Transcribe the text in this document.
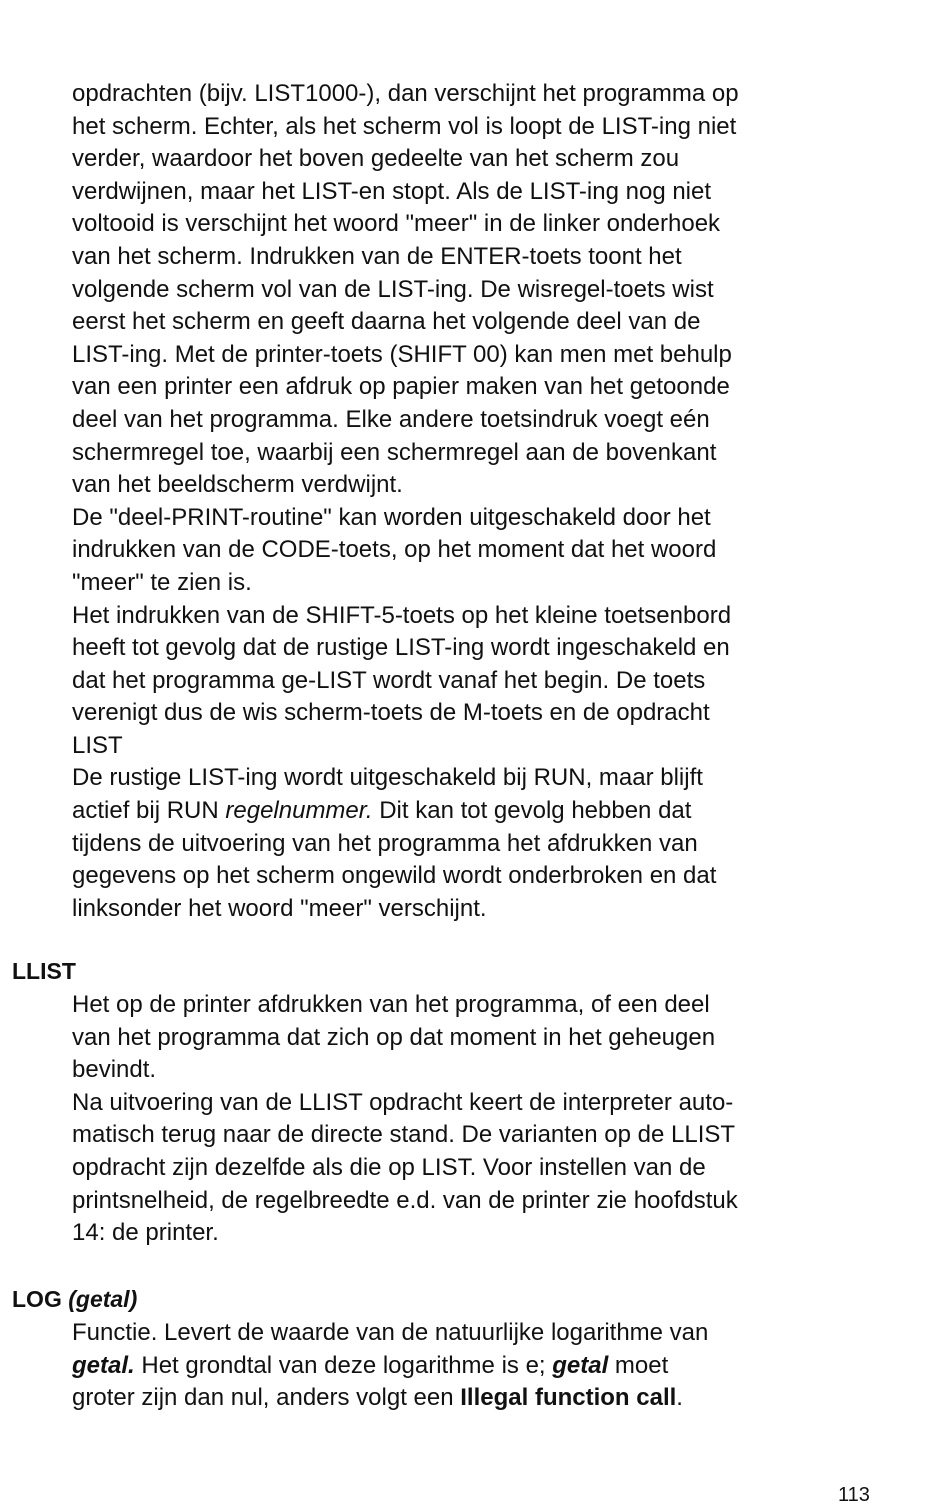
opdrachten (bijv. LIST1000-), dan verschijnt het programma op
het scherm. Echter, als het scherm vol is loopt de LIST-ing niet
verder, waardoor het boven gedeelte van het scherm zou
verdwijnen, maar het LIST-en stopt. Als de LIST-ing nog niet
voltooid is verschijnt het woord "meer" in de linker onderhoek
van het scherm. Indrukken van de ENTER-toets toont het
volgende scherm vol van de LIST-ing. De wisregel-toets wist
eerst het scherm en geeft daarna het volgende deel van de
LIST-ing. Met de printer-toets (SHIFT 00) kan men met behulp
van een printer een afdruk op papier maken van het getoonde
deel van het programma. Elke andere toetsindruk voegt eén
schermregel toe, waarbij een schermregel aan de bovenkant
van het beeldscherm verdwijnt.
De "deel-PRINT-routine" kan worden uitgeschakeld door het
indrukken van de CODE-toets, op het moment dat het woord
"meer" te zien is.
Het indrukken van de SHIFT-5-toets op het kleine toetsenbord
heeft tot gevolg dat de rustige LIST-ing wordt ingeschakeld en
dat het programma ge-LIST wordt vanaf het begin. De toets
verenigt dus de wis scherm-toets de M-toets en de opdracht
LIST
De rustige LIST-ing wordt uitgeschakeld bij RUN, maar blijft
actief bij RUN regelnummer. Dit kan tot gevolg hebben dat
tijdens de uitvoering van het programma het afdrukken van
gegevens op het scherm ongewild wordt onderbroken en dat
linksonder het woord "meer" verschijnt.
LLIST
Het op de printer afdrukken van het programma, of een deel
van het programma dat zich op dat moment in het geheugen
bevindt.
Na uitvoering van de LLIST opdracht keert de interpreter auto-
matisch terug naar de directe stand. De varianten op de LLIST
opdracht zijn dezelfde als die op LIST. Voor instellen van de
printsnelheid, de regelbreedte e.d. van de printer zie hoofdstuk
14: de printer.
LOG (getal)
Functie. Levert de waarde van de natuurlijke logarithme van
getal. Het grondtal van deze logarithme is e; getal moet
groter zijn dan nul, anders volgt een Illegal function call.
113
